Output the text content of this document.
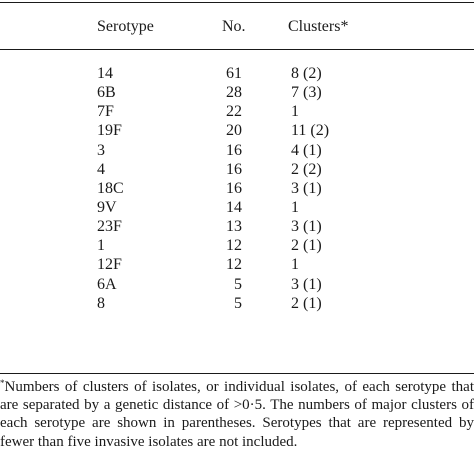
Serotype	No.	Clusters*
14	61	8 (2)
6B	28	7 (3)
7F	22	1
19F	20	11 (2)
3	16	4 (1)
4	16	2 (2)
18C	16	3 (1)
9V	14	1
23F	13	3 (1)
1	12	2 (1)
12F	12	1
6A	5	3 (1)
8	5	2 (1)
*Numbers of clusters of isolates, or individual isolates, of each serotype that are separated by a genetic distance of >0·5. The numbers of major clusters of each serotype are shown in parentheses. Serotypes that are represented by fewer than five invasive isolates are not included.
